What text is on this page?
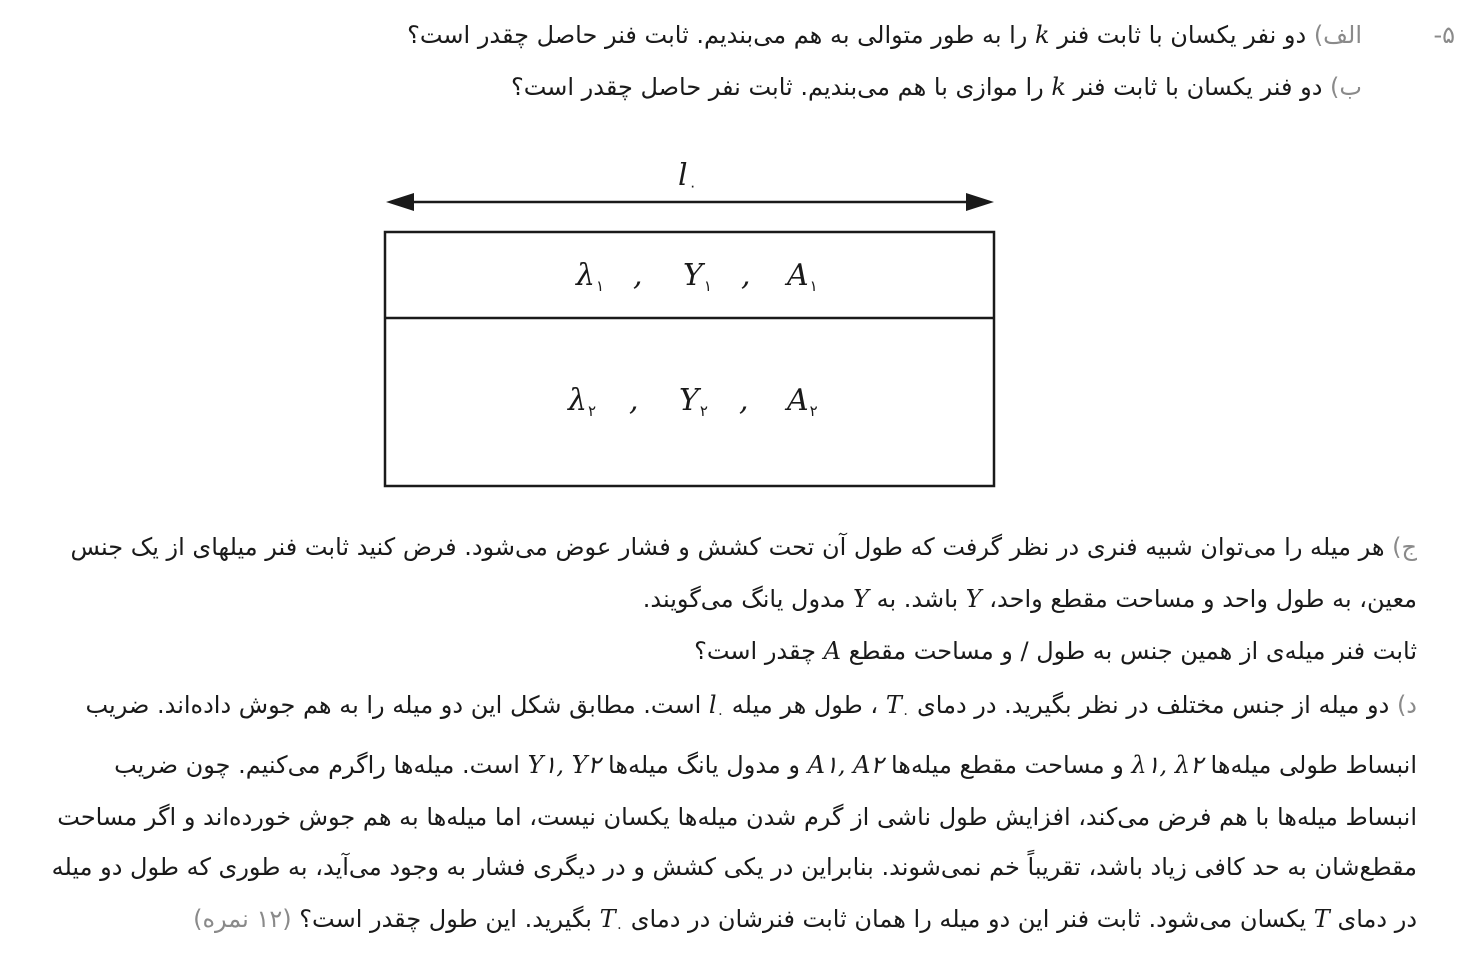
-۵
الف) دو نفر یکسان با ثابت فنر k را به طور متوالی به هم می‌بندیم. ثابت فنر حاصل چقدر است؟
ب) دو فنر یکسان با ثابت فنر k را موازی با هم می‌بندیم. ثابت نفر حاصل چقدر است؟
$l_۰$
$\lambda_۱$ , $Y_۱$ , $A_۱$
$\lambda_۲$ , $Y_۲$ , $A_۲$
ج) هر میله را می‌توان شبیه فنری در نظر گرفت که طول آن تحت کشش و فشار عوض می‌شود. فرض کنید ثابت فنر میلهای از یک جنس
معین، به طول واحد و مساحت مقطع واحد، Y باشد. به Y مدول یانگ می‌گویند.
ثابت فنر میله‌ی از همین جنس به طول / و مساحت مقطع A چقدر است؟
د) دو میله از جنس مختلف در نظر بگیرید. در دمای $T_۰$ ، طول هر میله $l_۰$ است. مطابق شکل این دو میله را به هم جوش داده‌اند. ضریب
انبساط طولی میله‌ها λ۱, λ۲ و مساحت مقطع میله‌ها A۱, A۲ و مدول یانگ میله‌ها Y۱, Y۲ است. میله‌ها راگرم می‌کنیم. چون ضریب
انبساط میله‌ها با هم فرض می‌کند، افزایش طول ناشی از گرم شدن میله‌ها یکسان نیست، اما میله‌ها به هم جوش خورده‌اند و اگر مساحت
مقطع‌شان به حد کافی زیاد باشد، تقریباً خم نمی‌شوند. بنابراین در یکی کشش و در دیگری فشار به وجود می‌آید، به طوری که طول دو میله
در دمای T یکسان می‌شود. ثابت فنر این دو میله را همان ثابت فنرشان در دمای $T_۰$ بگیرید. این طول چقدر است؟ (۱۲ نمره)
